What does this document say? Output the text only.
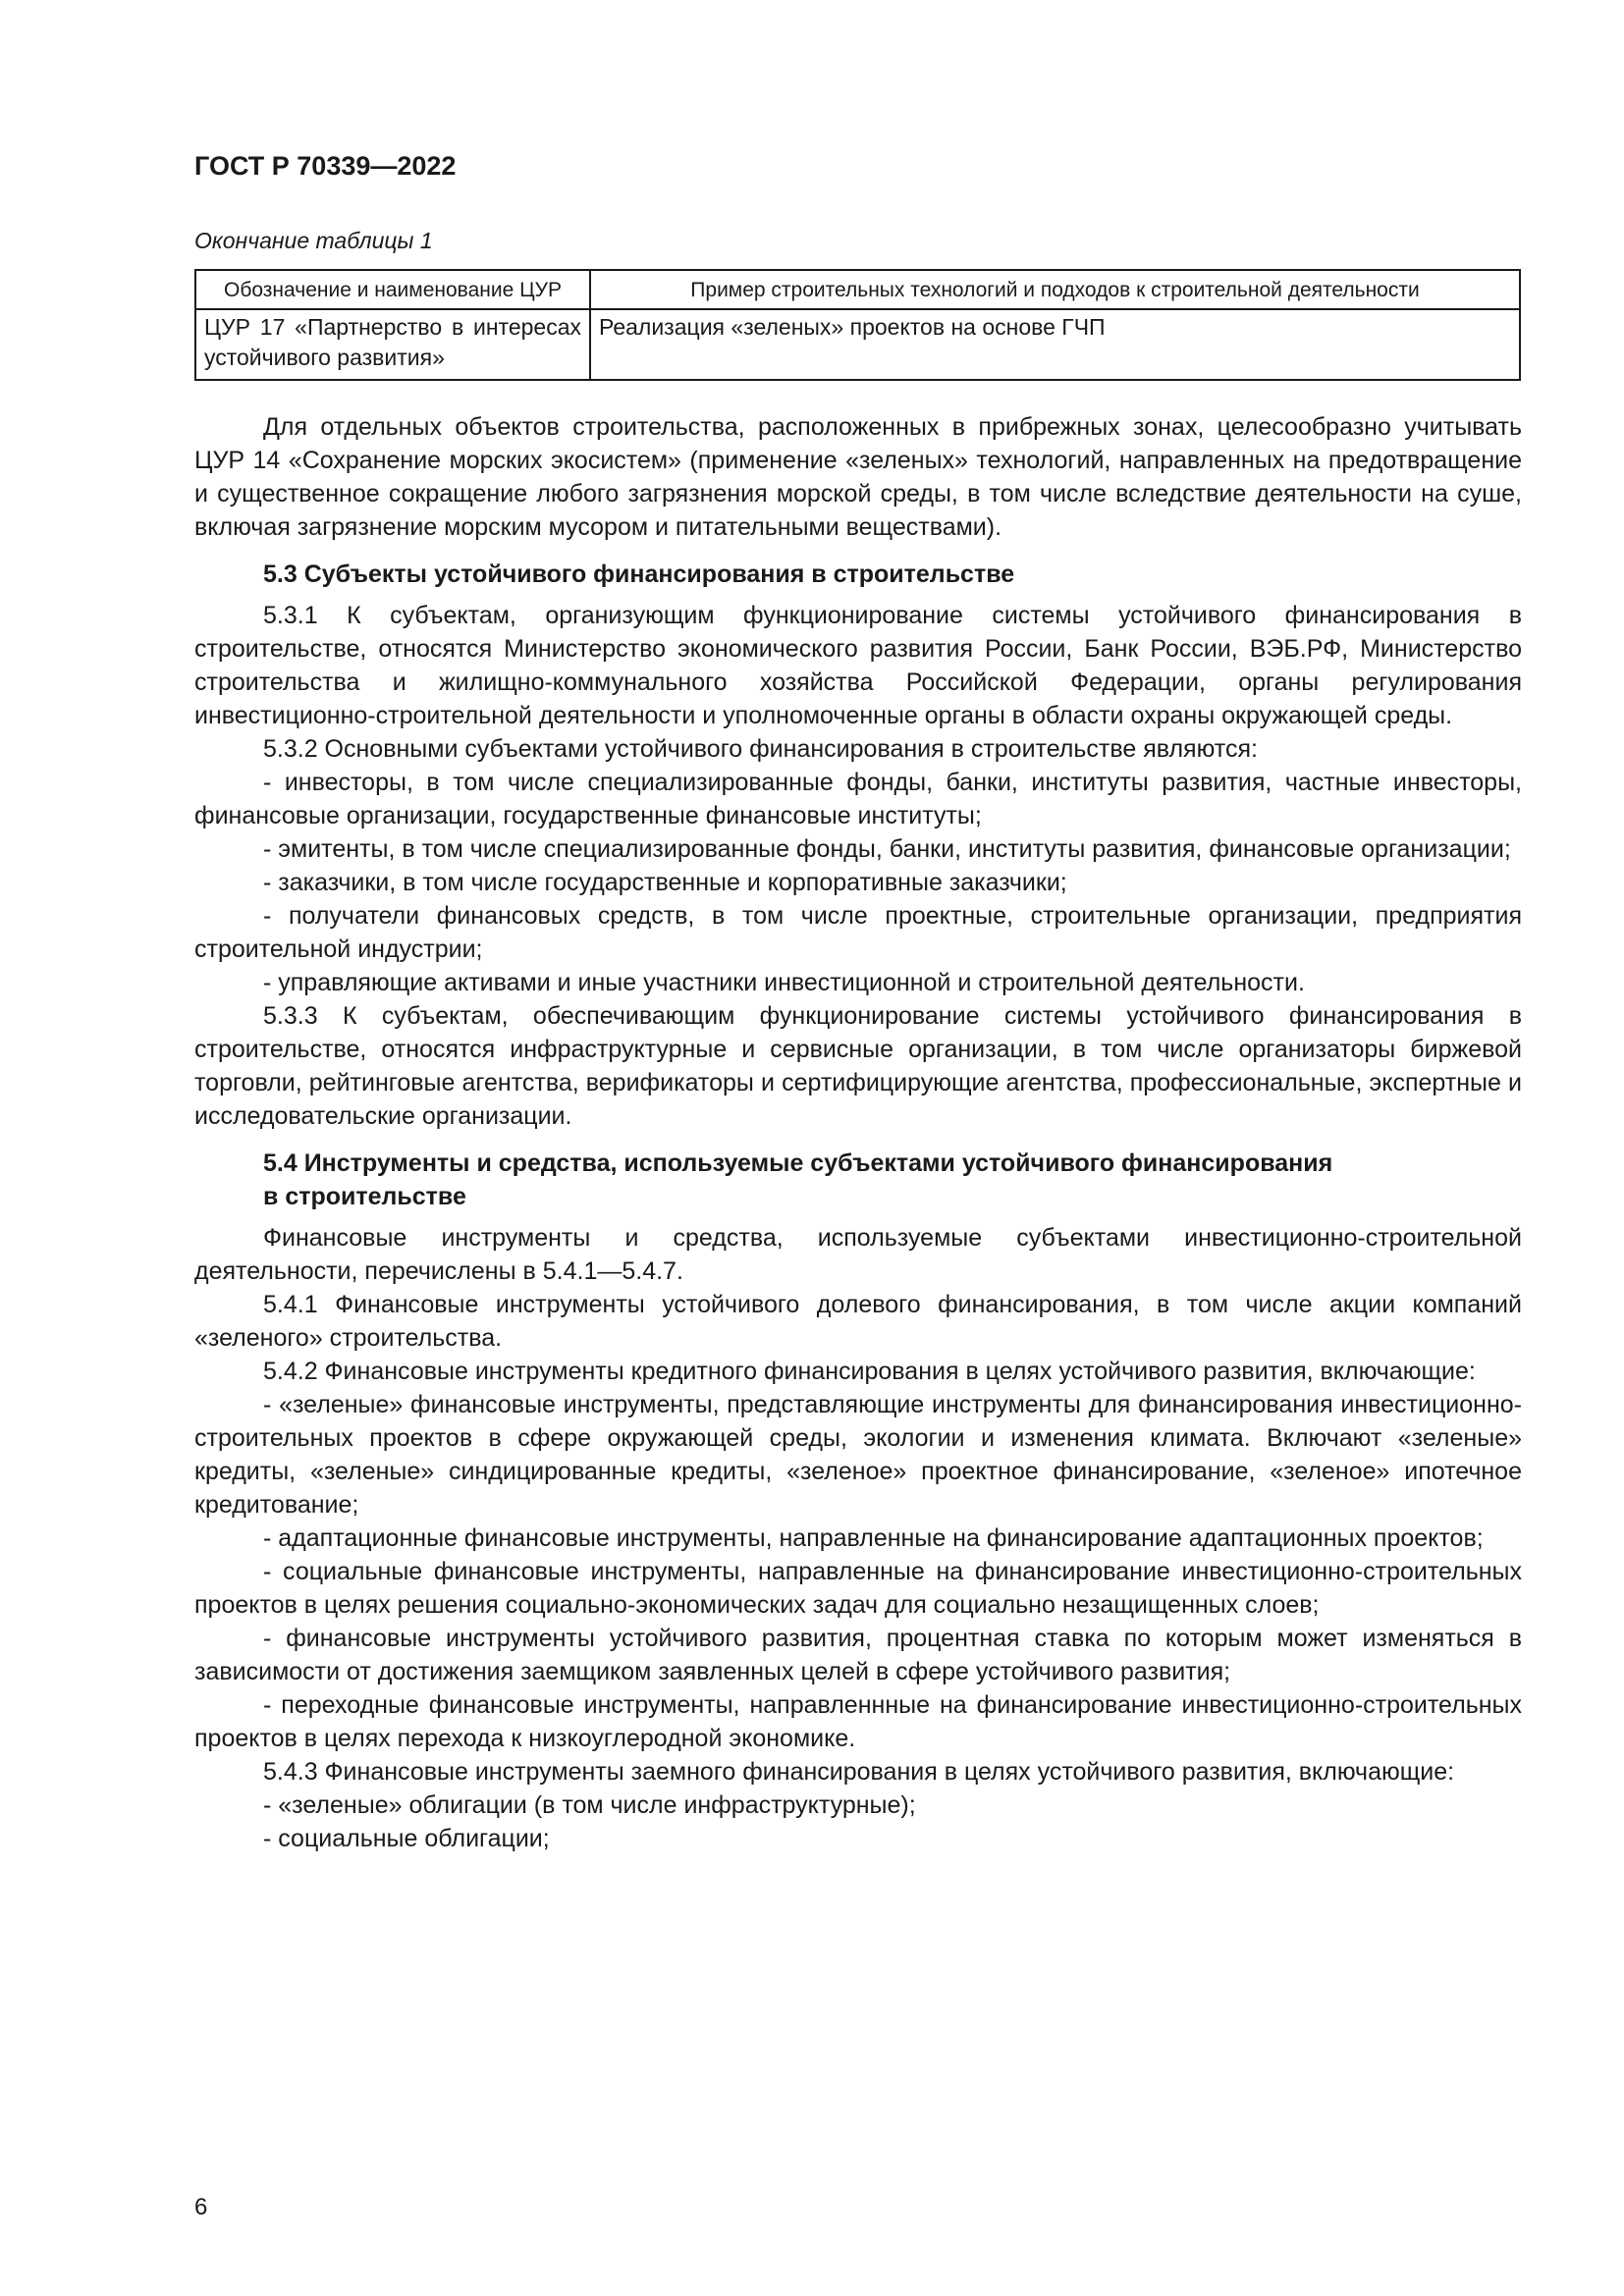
ГОСТ Р 70339—2022
Окончание таблицы 1
Обозначение и наименование ЦУР	Пример строительных технологий и подходов к строительной деятельности
ЦУР 17 «Партнерство в интересах устойчивого развития»	Реализация «зеленых» проектов на основе ГЧП

Для отдельных объектов строительства, расположенных в прибрежных зонах, целесообразно учитывать ЦУР 14 «Сохранение морских экосистем» (применение «зеленых» технологий, направленных на предотвращение и существенное сокращение любого загрязнения морской среды, в том числе вследствие деятельности на суше, включая загрязнение морским мусором и питательными веществами).

5.3 Субъекты устойчивого финансирования в строительстве

5.3.1 К субъектам, организующим функционирование системы устойчивого финансирования в строительстве, относятся Министерство экономического развития России, Банк России, ВЭБ.РФ, Министерство строительства и жилищно-коммунального хозяйства Российской Федерации, органы регулирования инвестиционно-строительной деятельности и уполномоченные органы в области охраны окружающей среды.

5.3.2 Основными субъектами устойчивого финансирования в строительстве являются:

- инвесторы, в том числе специализированные фонды, банки, институты развития, частные инвесторы, финансовые организации, государственные финансовые институты;

- эмитенты, в том числе специализированные фонды, банки, институты развития, финансовые организации;

- заказчики, в том числе государственные и корпоративные заказчики;

- получатели финансовых средств, в том числе проектные, строительные организации, предприятия строительной индустрии;

- управляющие активами и иные участники инвестиционной и строительной деятельности.

5.3.3 К субъектам, обеспечивающим функционирование системы устойчивого финансирования в строительстве, относятся инфраструктурные и сервисные организации, в том числе организаторы биржевой торговли, рейтинговые агентства, верификаторы и сертифицирующие агентства, профессиональные, экспертные и исследовательские организации.

5.4 Инструменты и средства, используемые субъектами устойчивого финансирования
в строительстве

Финансовые инструменты и средства, используемые субъектами инвестиционно-строительной деятельности, перечислены в 5.4.1—5.4.7.

5.4.1 Финансовые инструменты устойчивого долевого финансирования, в том числе акции компаний «зеленого» строительства.

5.4.2 Финансовые инструменты кредитного финансирования в целях устойчивого развития, включающие:

- «зеленые» финансовые инструменты, представляющие инструменты для финансирования инвестиционно-строительных проектов в сфере окружающей среды, экологии и изменения климата. Включают «зеленые» кредиты, «зеленые» синдицированные кредиты, «зеленое» проектное финансирование, «зеленое» ипотечное кредитование;

- адаптационные финансовые инструменты, направленные на финансирование адаптационных проектов;

- социальные финансовые инструменты, направленные на финансирование инвестиционно-строительных проектов в целях решения социально-экономических задач для социально незащищенных слоев;

- финансовые инструменты устойчивого развития, процентная ставка по которым может изменяться в зависимости от достижения заемщиком заявленных целей в сфере устойчивого развития;

- переходные финансовые инструменты, направленнные на финансирование инвестиционно-строительных проектов в целях перехода к низкоуглеродной экономике.

5.4.3 Финансовые инструменты заемного финансирования в целях устойчивого развития, включающие:

- «зеленые» облигации (в том числе инфраструктурные);

- социальные облигации;

6
